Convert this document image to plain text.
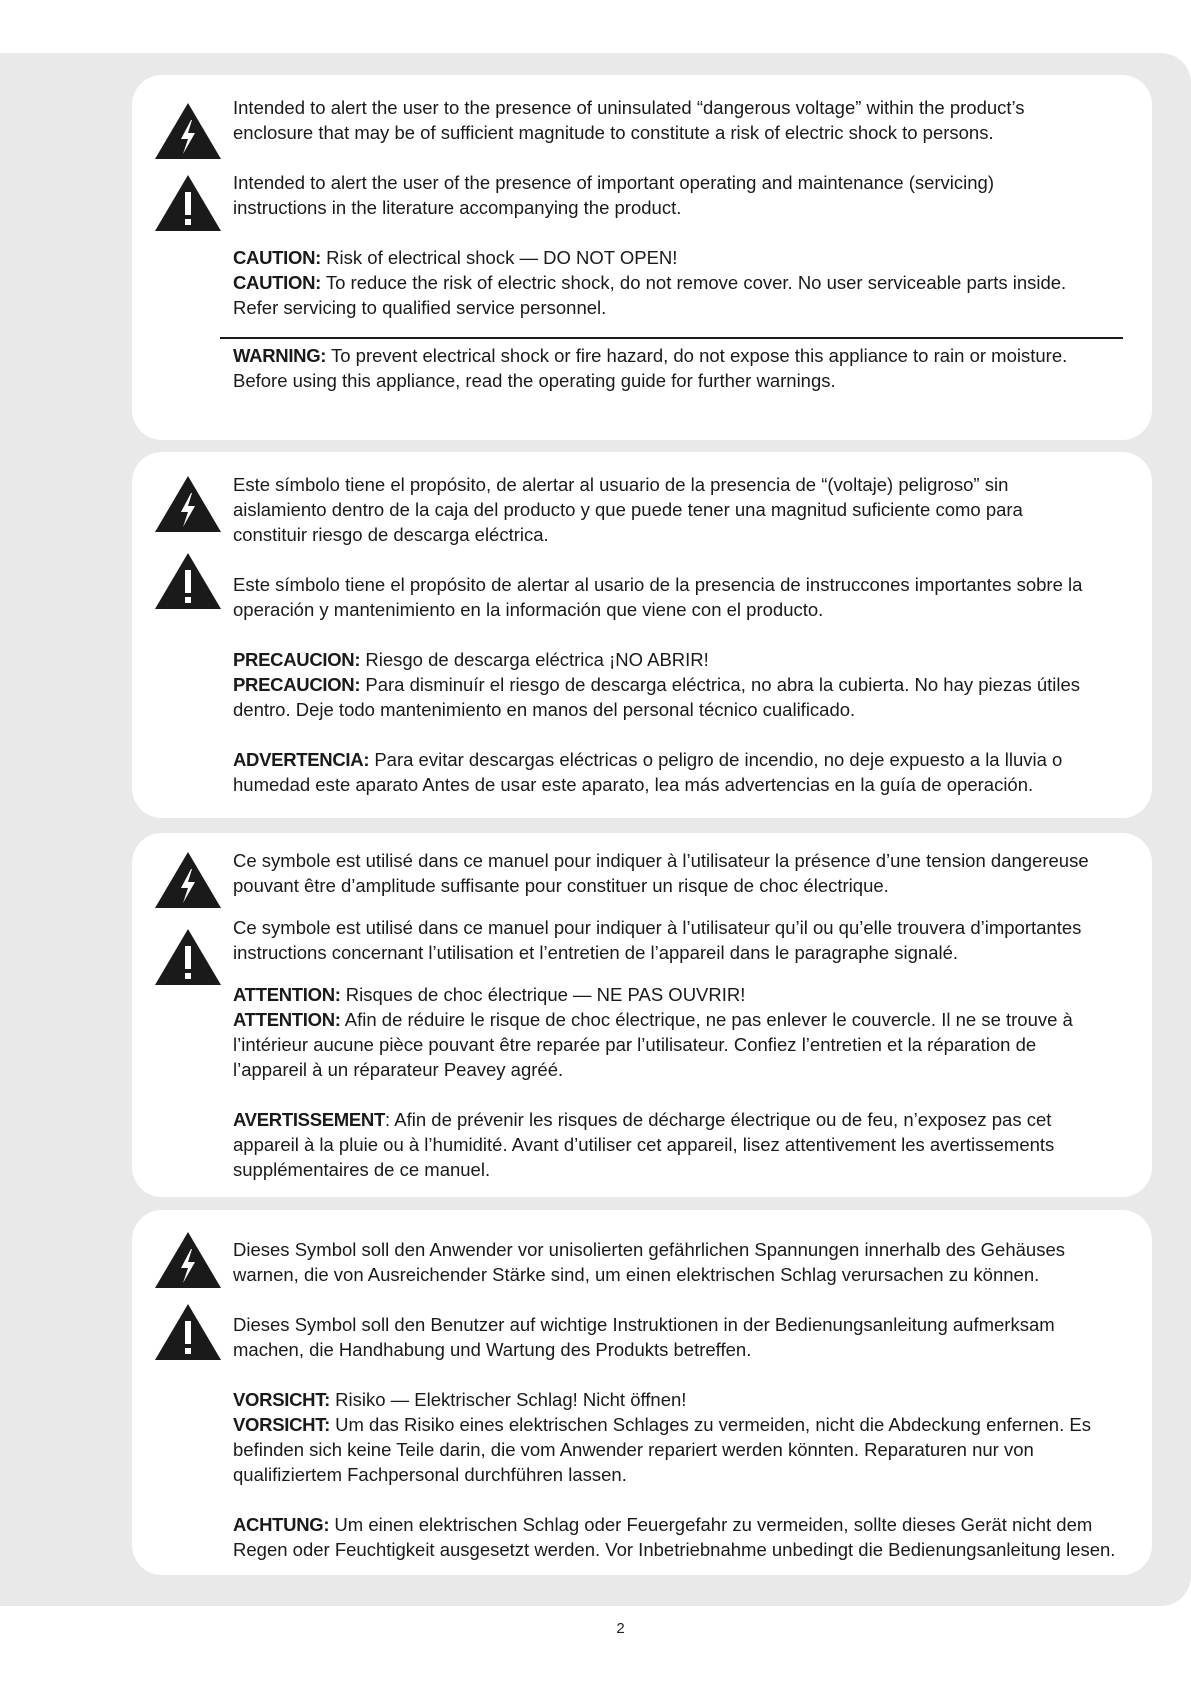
Intended to alert the user to the presence of uninsulated “dangerous voltage” within the product’s
enclosure that may be of sufficient magnitude to constitute a risk of electric shock to persons.

Intended to alert the user of the presence of important operating and maintenance (servicing)
instructions in the literature accompanying the product.

CAUTION: Risk of electrical shock — DO NOT OPEN!
CAUTION: To reduce the risk of electric shock, do not remove cover. No user serviceable parts inside.
Refer servicing to qualified service personnel.

WARNING: To prevent electrical shock or fire hazard, do not expose this appliance to rain or moisture.
Before using this appliance, read the operating guide for further warnings.

Este símbolo tiene el propósito, de alertar al usuario de la presencia de “(voltaje) peligroso” sin
aislamiento dentro de la caja del producto y que puede tener una magnitud suficiente como para
constituir riesgo de descarga eléctrica.

Este símbolo tiene el propósito de alertar al usario de la presencia de instruccones importantes sobre la
operación y mantenimiento en la información que viene con el producto.

PRECAUCION: Riesgo de descarga eléctrica ¡NO ABRIR!
PRECAUCION: Para disminuír el riesgo de descarga eléctrica, no abra la cubierta. No hay piezas útiles
dentro. Deje todo mantenimiento en manos del personal técnico cualificado.

ADVERTENCIA: Para evitar descargas eléctricas o peligro de incendio, no deje expuesto a la lluvia o
humedad este aparato Antes de usar este aparato, lea más advertencias en la guía de operación.

Ce symbole est utilisé dans ce manuel pour indiquer à l’utilisateur la présence d’une tension dangereuse
pouvant être d’amplitude suffisante pour constituer un risque de choc électrique.

Ce symbole est utilisé dans ce manuel pour indiquer à l’utilisateur qu’il ou qu’elle trouvera d’importantes
instructions concernant l’utilisation et l’entretien de l’appareil dans le paragraphe signalé.

ATTENTION: Risques de choc électrique — NE PAS OUVRIR!
ATTENTION: Afin de réduire le risque de choc électrique, ne pas enlever le couvercle. Il ne se trouve à
l’intérieur aucune pièce pouvant être reparée par l’utilisateur. Confiez l’entretien et la réparation de
l’appareil à un réparateur Peavey agréé.

AVERTISSEMENT: Afin de prévenir les risques de décharge électrique ou de feu, n’exposez pas cet
appareil à la pluie ou à l’humidité. Avant d’utiliser cet appareil, lisez attentivement les avertissements
supplémentaires de ce manuel.

Dieses Symbol soll den Anwender vor unisolierten gefährlichen Spannungen innerhalb des Gehäuses
warnen, die von Ausreichender Stärke sind, um einen elektrischen Schlag verursachen zu können.

Dieses Symbol soll den Benutzer auf wichtige Instruktionen in der Bedienungsanleitung aufmerksam
machen, die Handhabung und Wartung des Produkts betreffen.

VORSICHT: Risiko — Elektrischer Schlag! Nicht öffnen!
VORSICHT: Um das Risiko eines elektrischen Schlages zu vermeiden, nicht die Abdeckung enfernen. Es
befinden sich keine Teile darin, die vom Anwender repariert werden könnten. Reparaturen nur von
qualifiziertem Fachpersonal durchführen lassen.

ACHTUNG: Um einen elektrischen Schlag oder Feuergefahr zu vermeiden, sollte dieses Gerät nicht dem
Regen oder Feuchtigkeit ausgesetzt werden. Vor Inbetriebnahme unbedingt die Bedienungsanleitung lesen.

2
